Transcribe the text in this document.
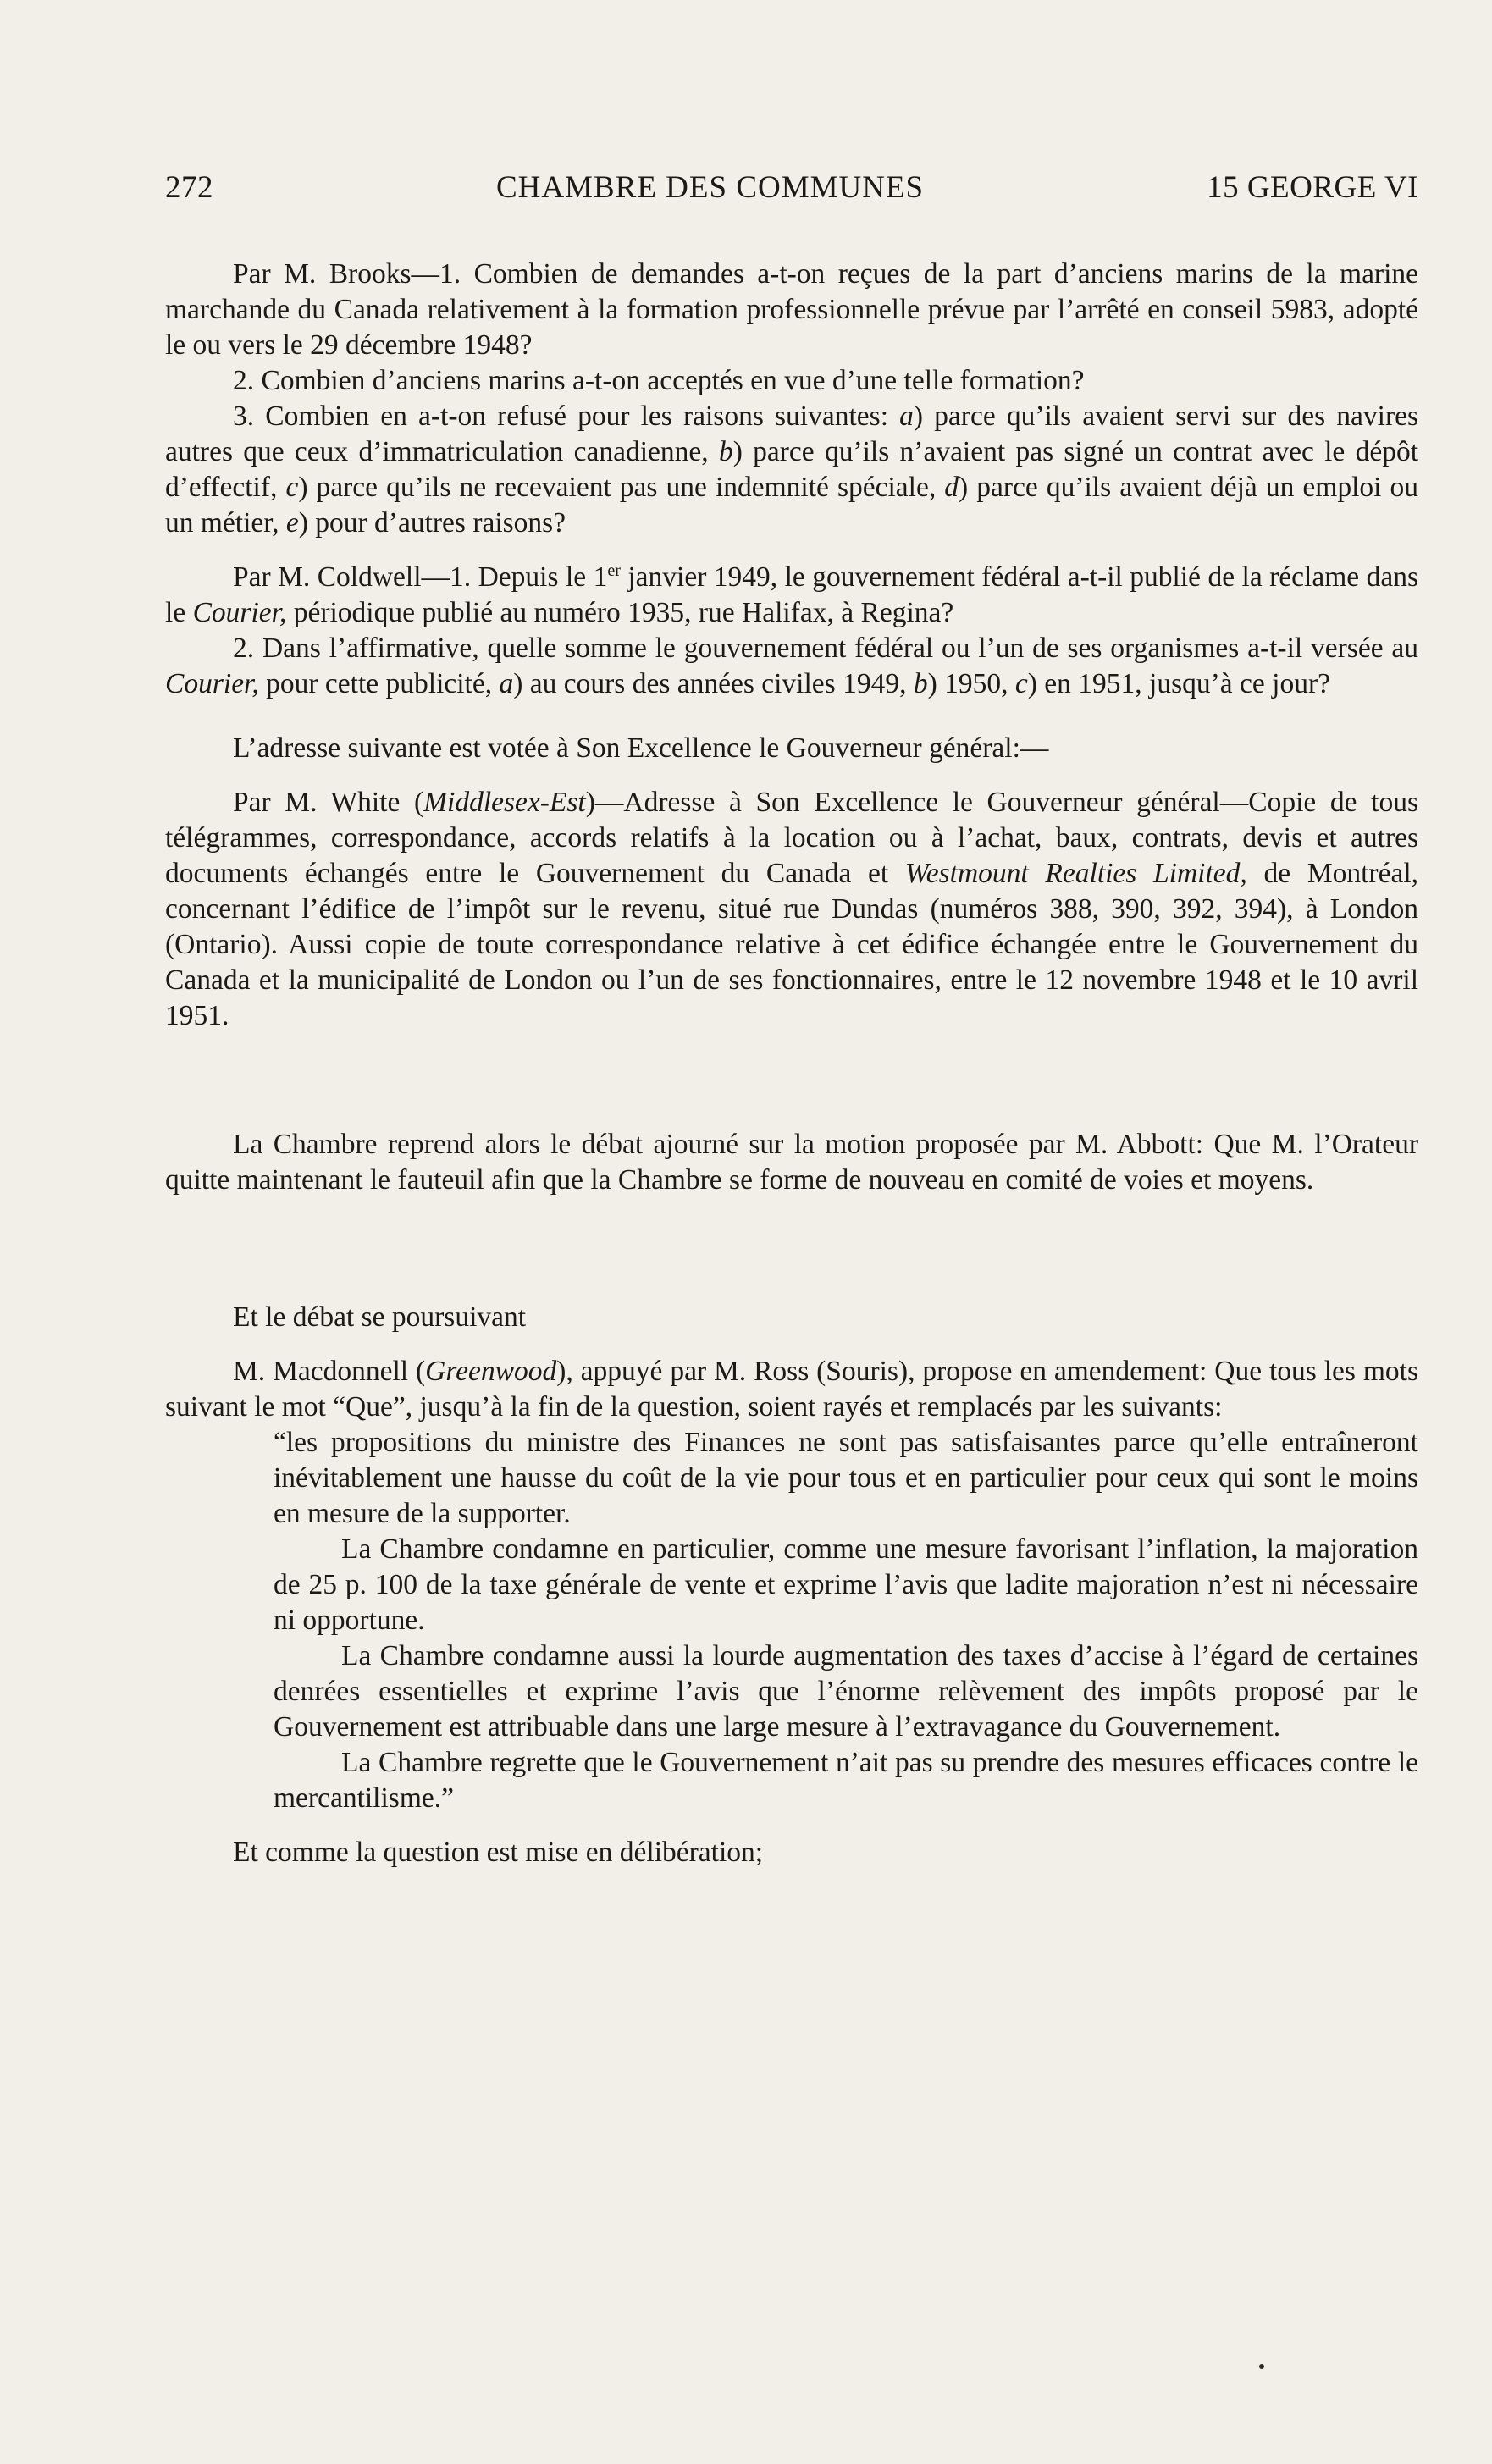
272	CHAMBRE DES COMMUNES	15 GEORGE VI

Par M. Brooks—1. Combien de demandes a-t-on reçues de la part d’anciens marins de la marine marchande du Canada relativement à la formation professionnelle prévue par l’arrêté en conseil 5983, adopté le ou vers le 29 décembre 1948?

2. Combien d’anciens marins a-t-on acceptés en vue d’une telle formation?

3. Combien en a-t-on refusé pour les raisons suivantes: a) parce qu’ils avaient servi sur des navires autres que ceux d’immatriculation canadienne, b) parce qu’ils n’avaient pas signé un contrat avec le dépôt d’effectif, c) parce qu’ils ne recevaient pas une indemnité spéciale, d) parce qu’ils avaient déjà un emploi ou un métier, e) pour d’autres raisons?

Par M. Coldwell—1. Depuis le 1er janvier 1949, le gouvernement fédéral a-t-il publié de la réclame dans le Courier, périodique publié au numéro 1935, rue Halifax, à Regina?

2. Dans l’affirmative, quelle somme le gouvernement fédéral ou l’un de ses organismes a-t-il versée au Courier, pour cette publicité, a) au cours des années civiles 1949, b) 1950, c) en 1951, jusqu’à ce jour?

L’adresse suivante est votée à Son Excellence le Gouverneur général:—

Par M. White (Middlesex-Est)—Adresse à Son Excellence le Gouverneur général—Copie de tous télégrammes, correspondance, accords relatifs à la location ou à l’achat, baux, contrats, devis et autres documents échangés entre le Gouvernement du Canada et Westmount Realties Limited, de Montréal, concernant l’édifice de l’impôt sur le revenu, situé rue Dundas (numéros 388, 390, 392, 394), à London (Ontario). Aussi copie de toute correspondance relative à cet édifice échangée entre le Gouvernement du Canada et la municipalité de London ou l’un de ses fonctionnaires, entre le 12 novembre 1948 et le 10 avril 1951.

La Chambre reprend alors le débat ajourné sur la motion proposée par M. Abbott: Que M. l’Orateur quitte maintenant le fauteuil afin que la Chambre se forme de nouveau en comité de voies et moyens.

Et le débat se poursuivant

M. Macdonnell (Greenwood), appuyé par M. Ross (Souris), propose en amendement: Que tous les mots suivant le mot “Que”, jusqu’à la fin de la question, soient rayés et remplacés par les suivants:

“les propositions du ministre des Finances ne sont pas satisfaisantes parce qu’elle entraîneront inévitablement une hausse du coût de la vie pour tous et en particulier pour ceux qui sont le moins en mesure de la supporter.

La Chambre condamne en particulier, comme une mesure favorisant l’inflation, la majoration de 25 p. 100 de la taxe générale de vente et exprime l’avis que ladite majoration n’est ni nécessaire ni opportune.

La Chambre condamne aussi la lourde augmentation des taxes d’accise à l’égard de certaines denrées essentielles et exprime l’avis que l’énorme relèvement des impôts proposé par le Gouvernement est attribuable dans une large mesure à l’extravagance du Gouvernement.

La Chambre regrette que le Gouvernement n’ait pas su prendre des mesures efficaces contre le mercantilisme.”

Et comme la question est mise en délibération;
